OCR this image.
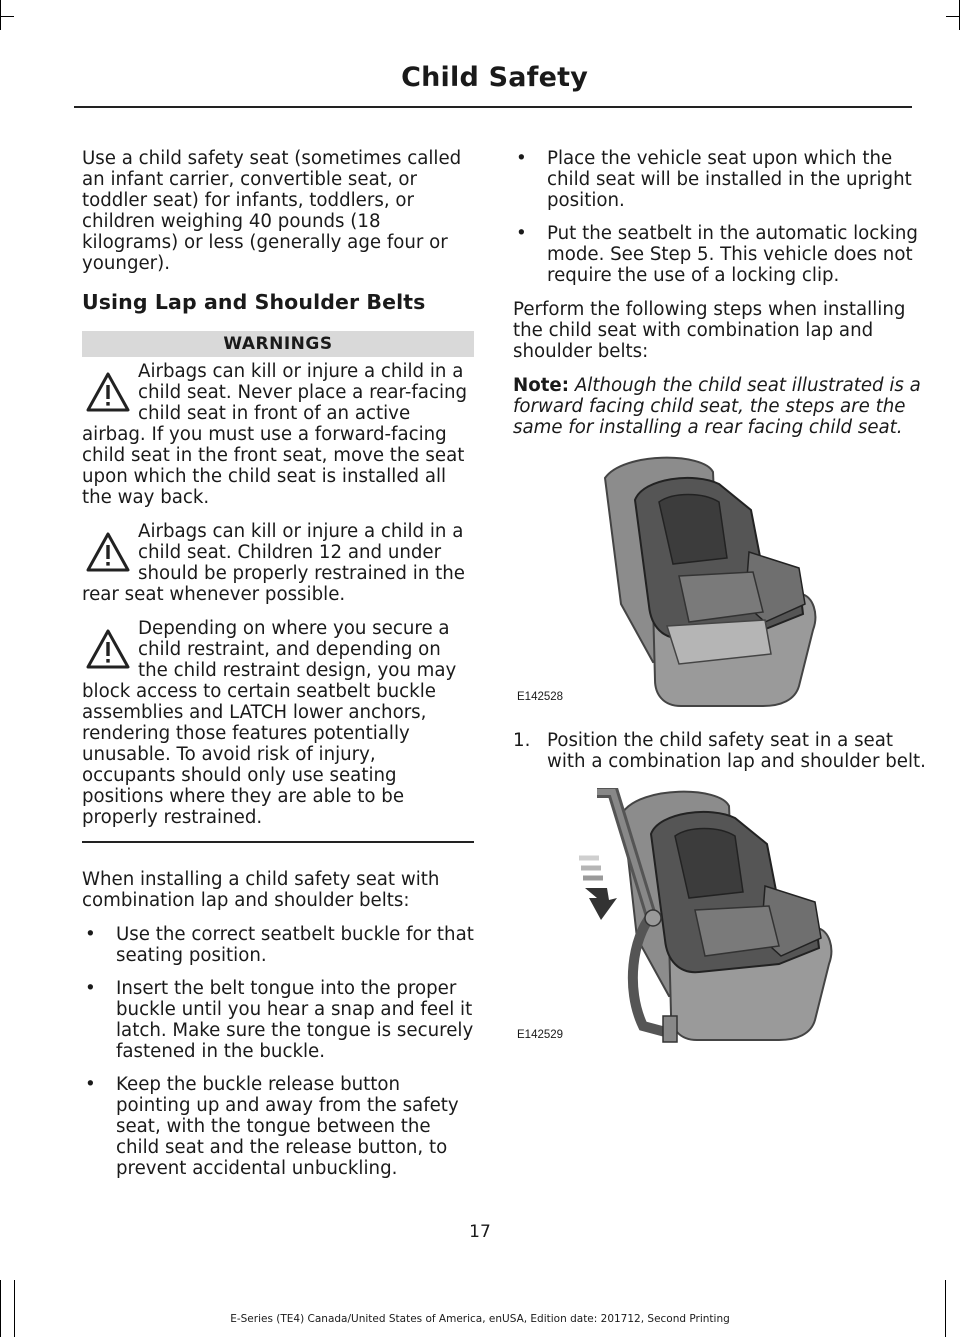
Child Safety

Use a child safety seat (sometimes called an infant carrier, convertible seat, or toddler seat) for infants, toddlers, or children weighing 40 pounds (18 kilograms) or less (generally age four or younger).

Using Lap and Shoulder Belts
WARNINGS
Airbags can kill or injure a child in a child seat. Never place a rear-facing child seat in front of an active airbag. If you must use a forward-facing child seat in the front seat, move the seat upon which the child seat is installed all the way back.
Airbags can kill or injure a child in a child seat. Children 12 and under should be properly restrained in the rear seat whenever possible.
Depending on where you secure a child restraint, and depending on the child restraint design, you may block access to certain seatbelt buckle assemblies and LATCH lower anchors, rendering those features potentially unusable. To avoid risk of injury, occupants should only use seating positions where they are able to be properly restrained.

When installing a child safety seat with combination lap and shoulder belts:

• Use the correct seatbelt buckle for that seating position.
• Insert the belt tongue into the proper buckle until you hear a snap and feel it latch. Make sure the tongue is securely fastened in the buckle.
• Keep the buckle release button pointing up and away from the safety seat, with the tongue between the child seat and the release button, to prevent accidental unbuckling.
• Place the vehicle seat upon which the child seat will be installed in the upright position.
• Put the seatbelt in the automatic locking mode. See Step 5. This vehicle does not require the use of a locking clip.

Perform the following steps when installing the child seat with combination lap and shoulder belts:

Note: Although the child seat illustrated is a forward facing child seat, the steps are the same for installing a rear facing child seat.

E142528
1. Position the child safety seat in a seat with a combination lap and shoulder belt.
E142529
17
E-Series (TE4) Canada/United States of America, enUSA, Edition date: 201712, Second Printing
